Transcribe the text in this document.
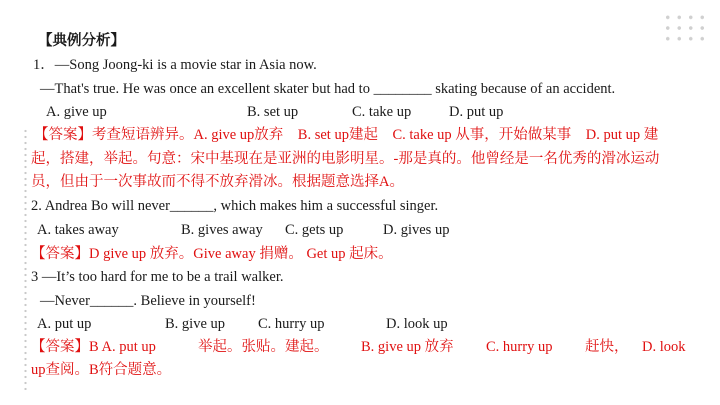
【典例分析】
1．—Song Joong-ki is a movie star in Asia now.
—That's true. He was once an excellent skater but had to ________ skating because of an accident.
A. give up	B. set up	C. take up	D. put up
【答案】考查短语辨异。A. give up放弃　B. set up建起　C. take up 从事，开始做某事　D. put up 建
起，搭建，举起。句意：宋中基现在是亚洲的电影明星。-那是真的。他曾经是一名优秀的滑冰运动
员，但由于一次事故而不得不放弃滑冰。根据题意选择A。
2. Andrea Bo will never______, which makes him a successful singer.
A. takes away	B. gives away C. gets up	D. gives up
【答案】D give up 放弃。Give away 捐赠。 Get up 起床。
3 —It’s too hard for me to be a trail walker.
—Never______. Believe in yourself!
A. put up	B. give up C. hurry up	D. look up
【答案】B A. put up	举起。张贴。建起。 B. give up 放弃 C. hurry up 赶快， D. look
up查阅。B符合题意。
